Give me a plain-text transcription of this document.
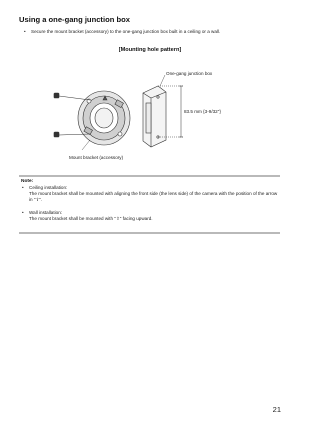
Using a one-gang junction box
•	Secure the mount bracket (accessory) to the one-gang junction box built in a ceiling or a wall.
[Mounting hole pattern]
One-gang junction box
83.5 mm {3-9/32"}
Mount bracket (accessory)
Note:
•	Ceiling installation:
The mount bracket shall be mounted with aligning the front side (the lens side) of the camera with the position of the arrow in "⇧".
•	Wall installation:
The mount bracket shall be mounted with "⇧" facing upward.
21
